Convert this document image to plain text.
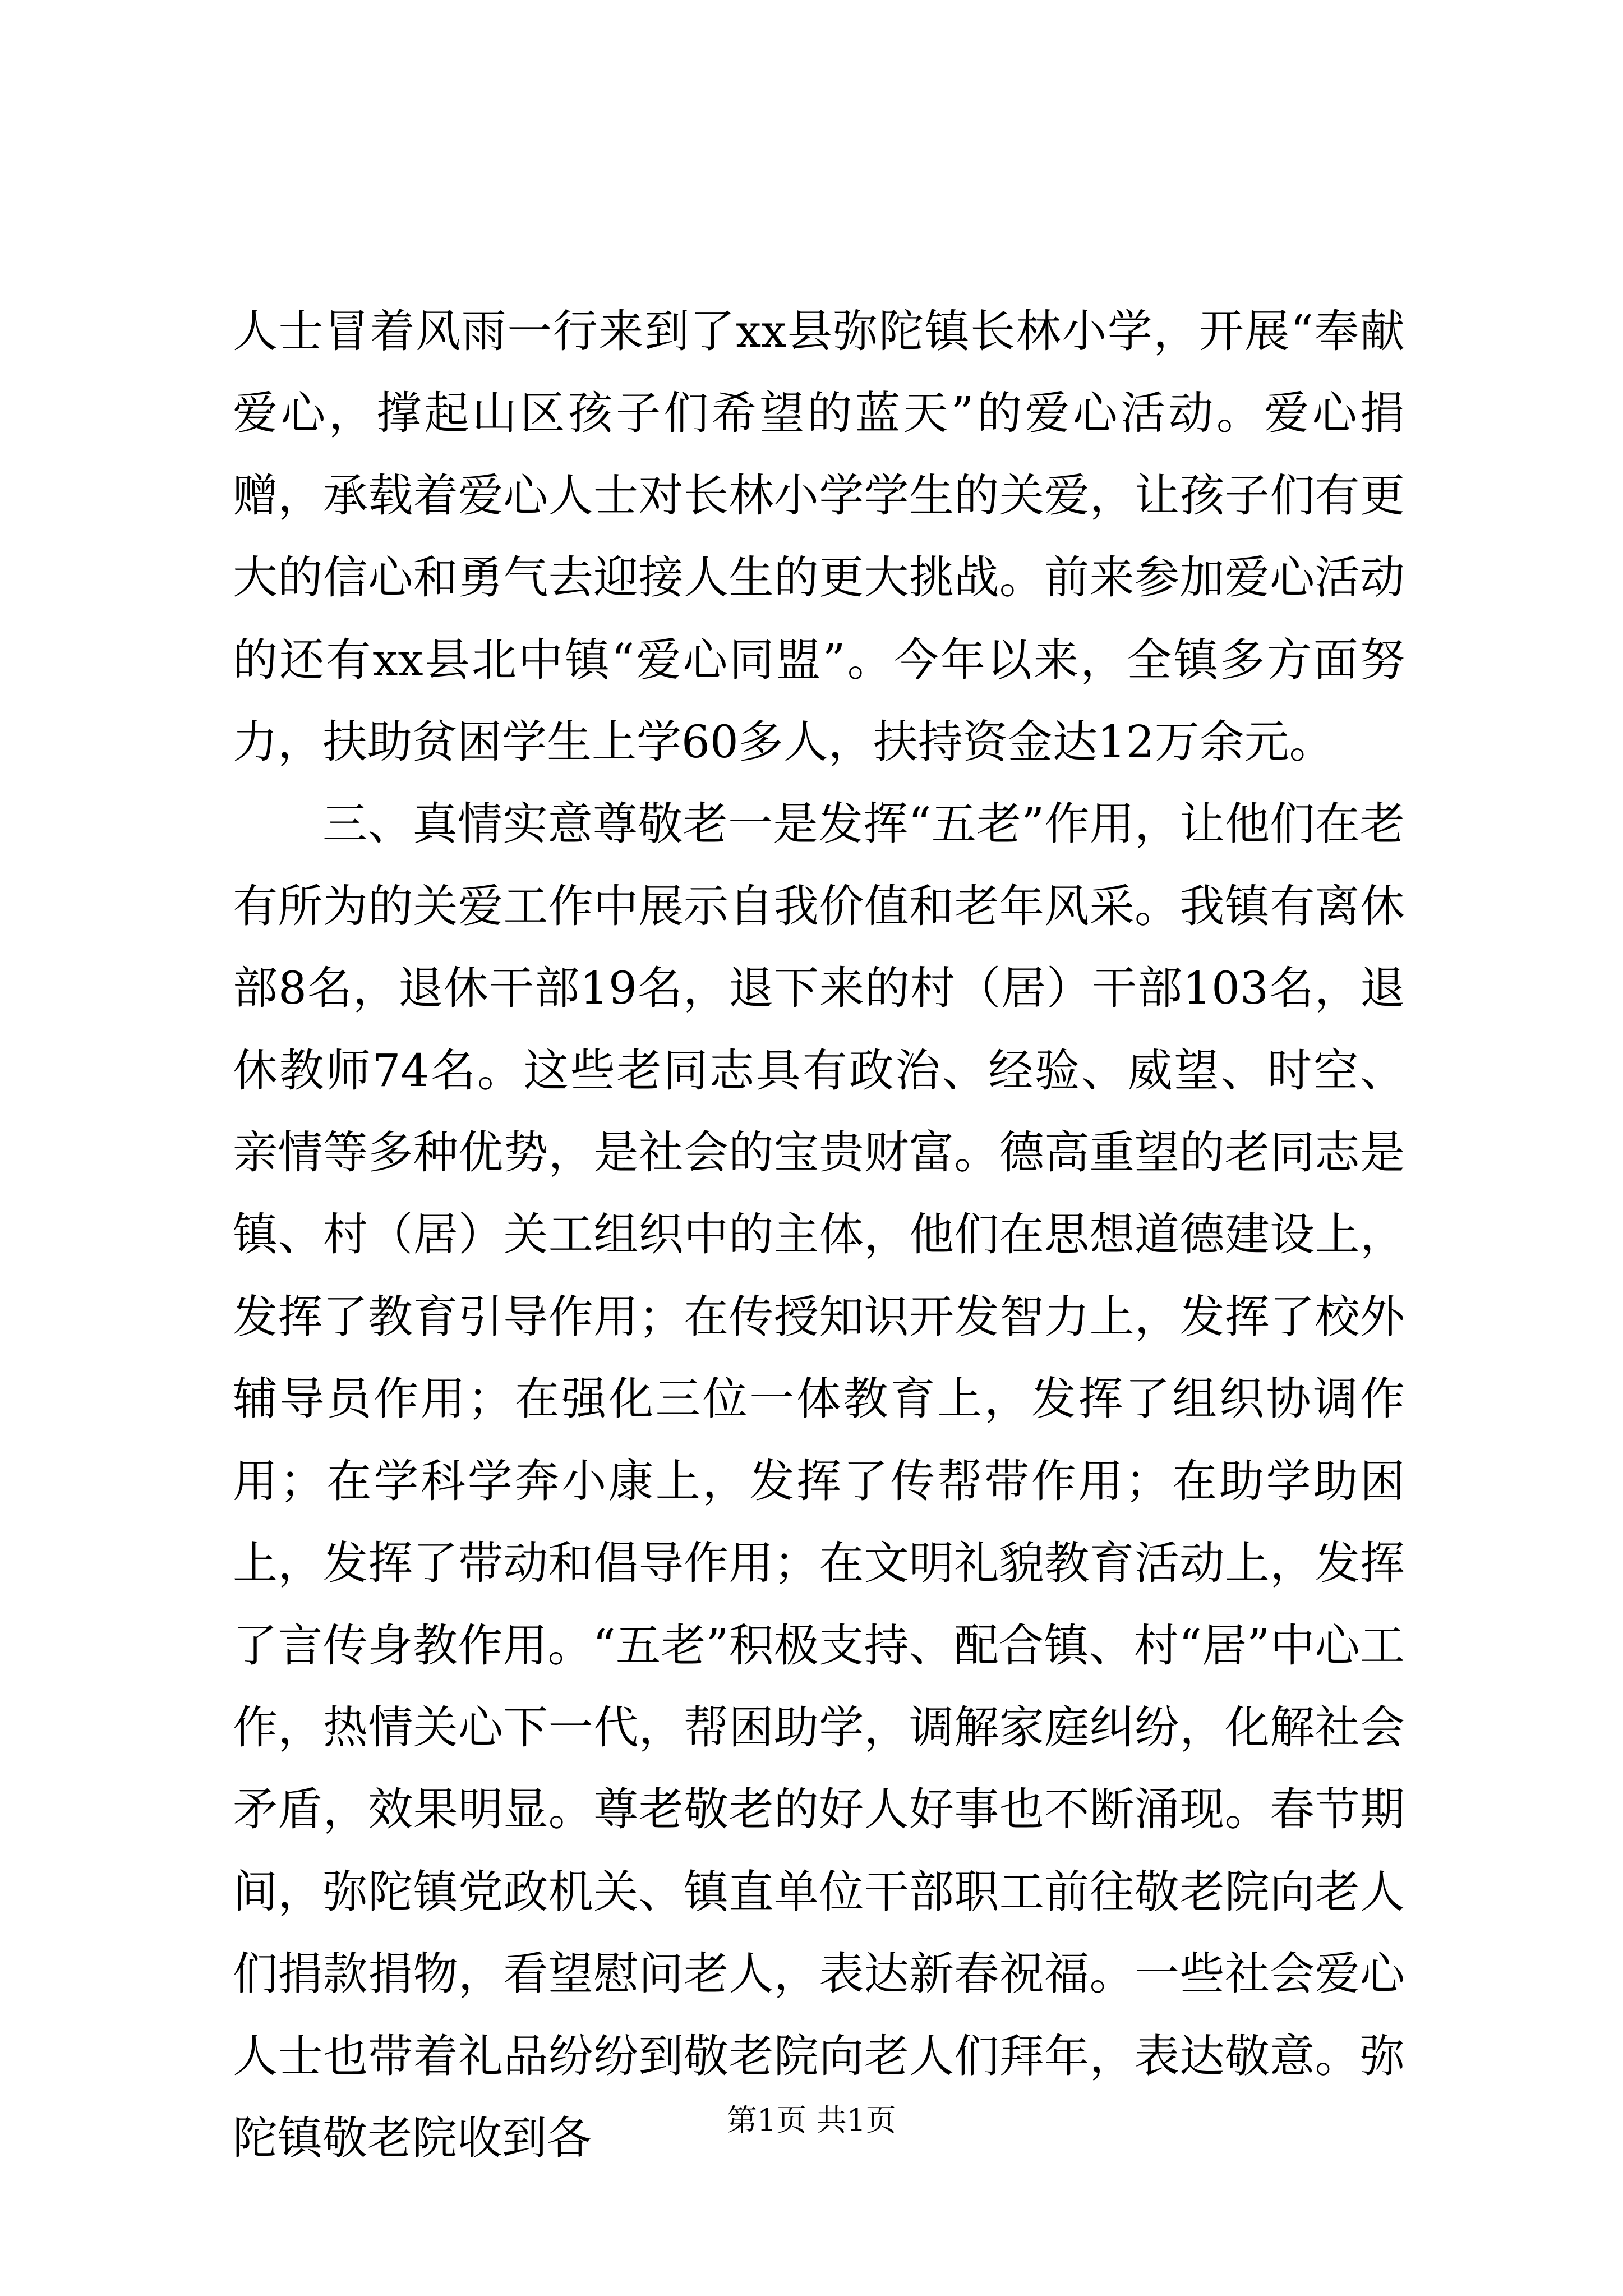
人士冒着风雨一行来到了xx县弥陀镇长林小学，开展“奉献爱心，撑起山区孩子们希望的蓝天”的爱心活动。爱心捐赠，承载着爱心人士对长林小学学生的关爱，让孩子们有更大的信心和勇气去迎接人生的更大挑战。前来参加爱心活动的还有xx县北中镇“爱心同盟”。今年以来，全镇多方面努力，扶助贫困学生上学60多人，扶持资金达12万余元。

三、真情实意尊敬老一是发挥“五老”作用，让他们在老有所为的关爱工作中展示自我价值和老年风采。我镇有离休部8名，退休干部19名，退下来的村（居）干部103名，退休教师74名。这些老同志具有政治、经验、威望、时空、亲情等多种优势，是社会的宝贵财富。德高重望的老同志是镇、村（居）关工组织中的主体，他们在思想道德建设上，发挥了教育引导作用；在传授知识开发智力上，发挥了校外辅导员作用；在强化三位一体教育上，发挥了组织协调作用；在学科学奔小康上，发挥了传帮带作用；在助学助困上，发挥了带动和倡导作用；在文明礼貌教育活动上，发挥了言传身教作用。“五老”积极支持、配合镇、村“居”中心工作，热情关心下一代，帮困助学，调解家庭纠纷，化解社会矛盾，效果明显。尊老敬老的好人好事也不断涌现。春节期间，弥陀镇党政机关、镇直单位干部职工前往敬老院向老人们捐款捐物，看望慰问老人，表达新春祝福。一些社会爱心人士也带着礼品纷纷到敬老院向老人们拜年，表达敬意。弥陀镇敬老院收到各	第1页 共1页
